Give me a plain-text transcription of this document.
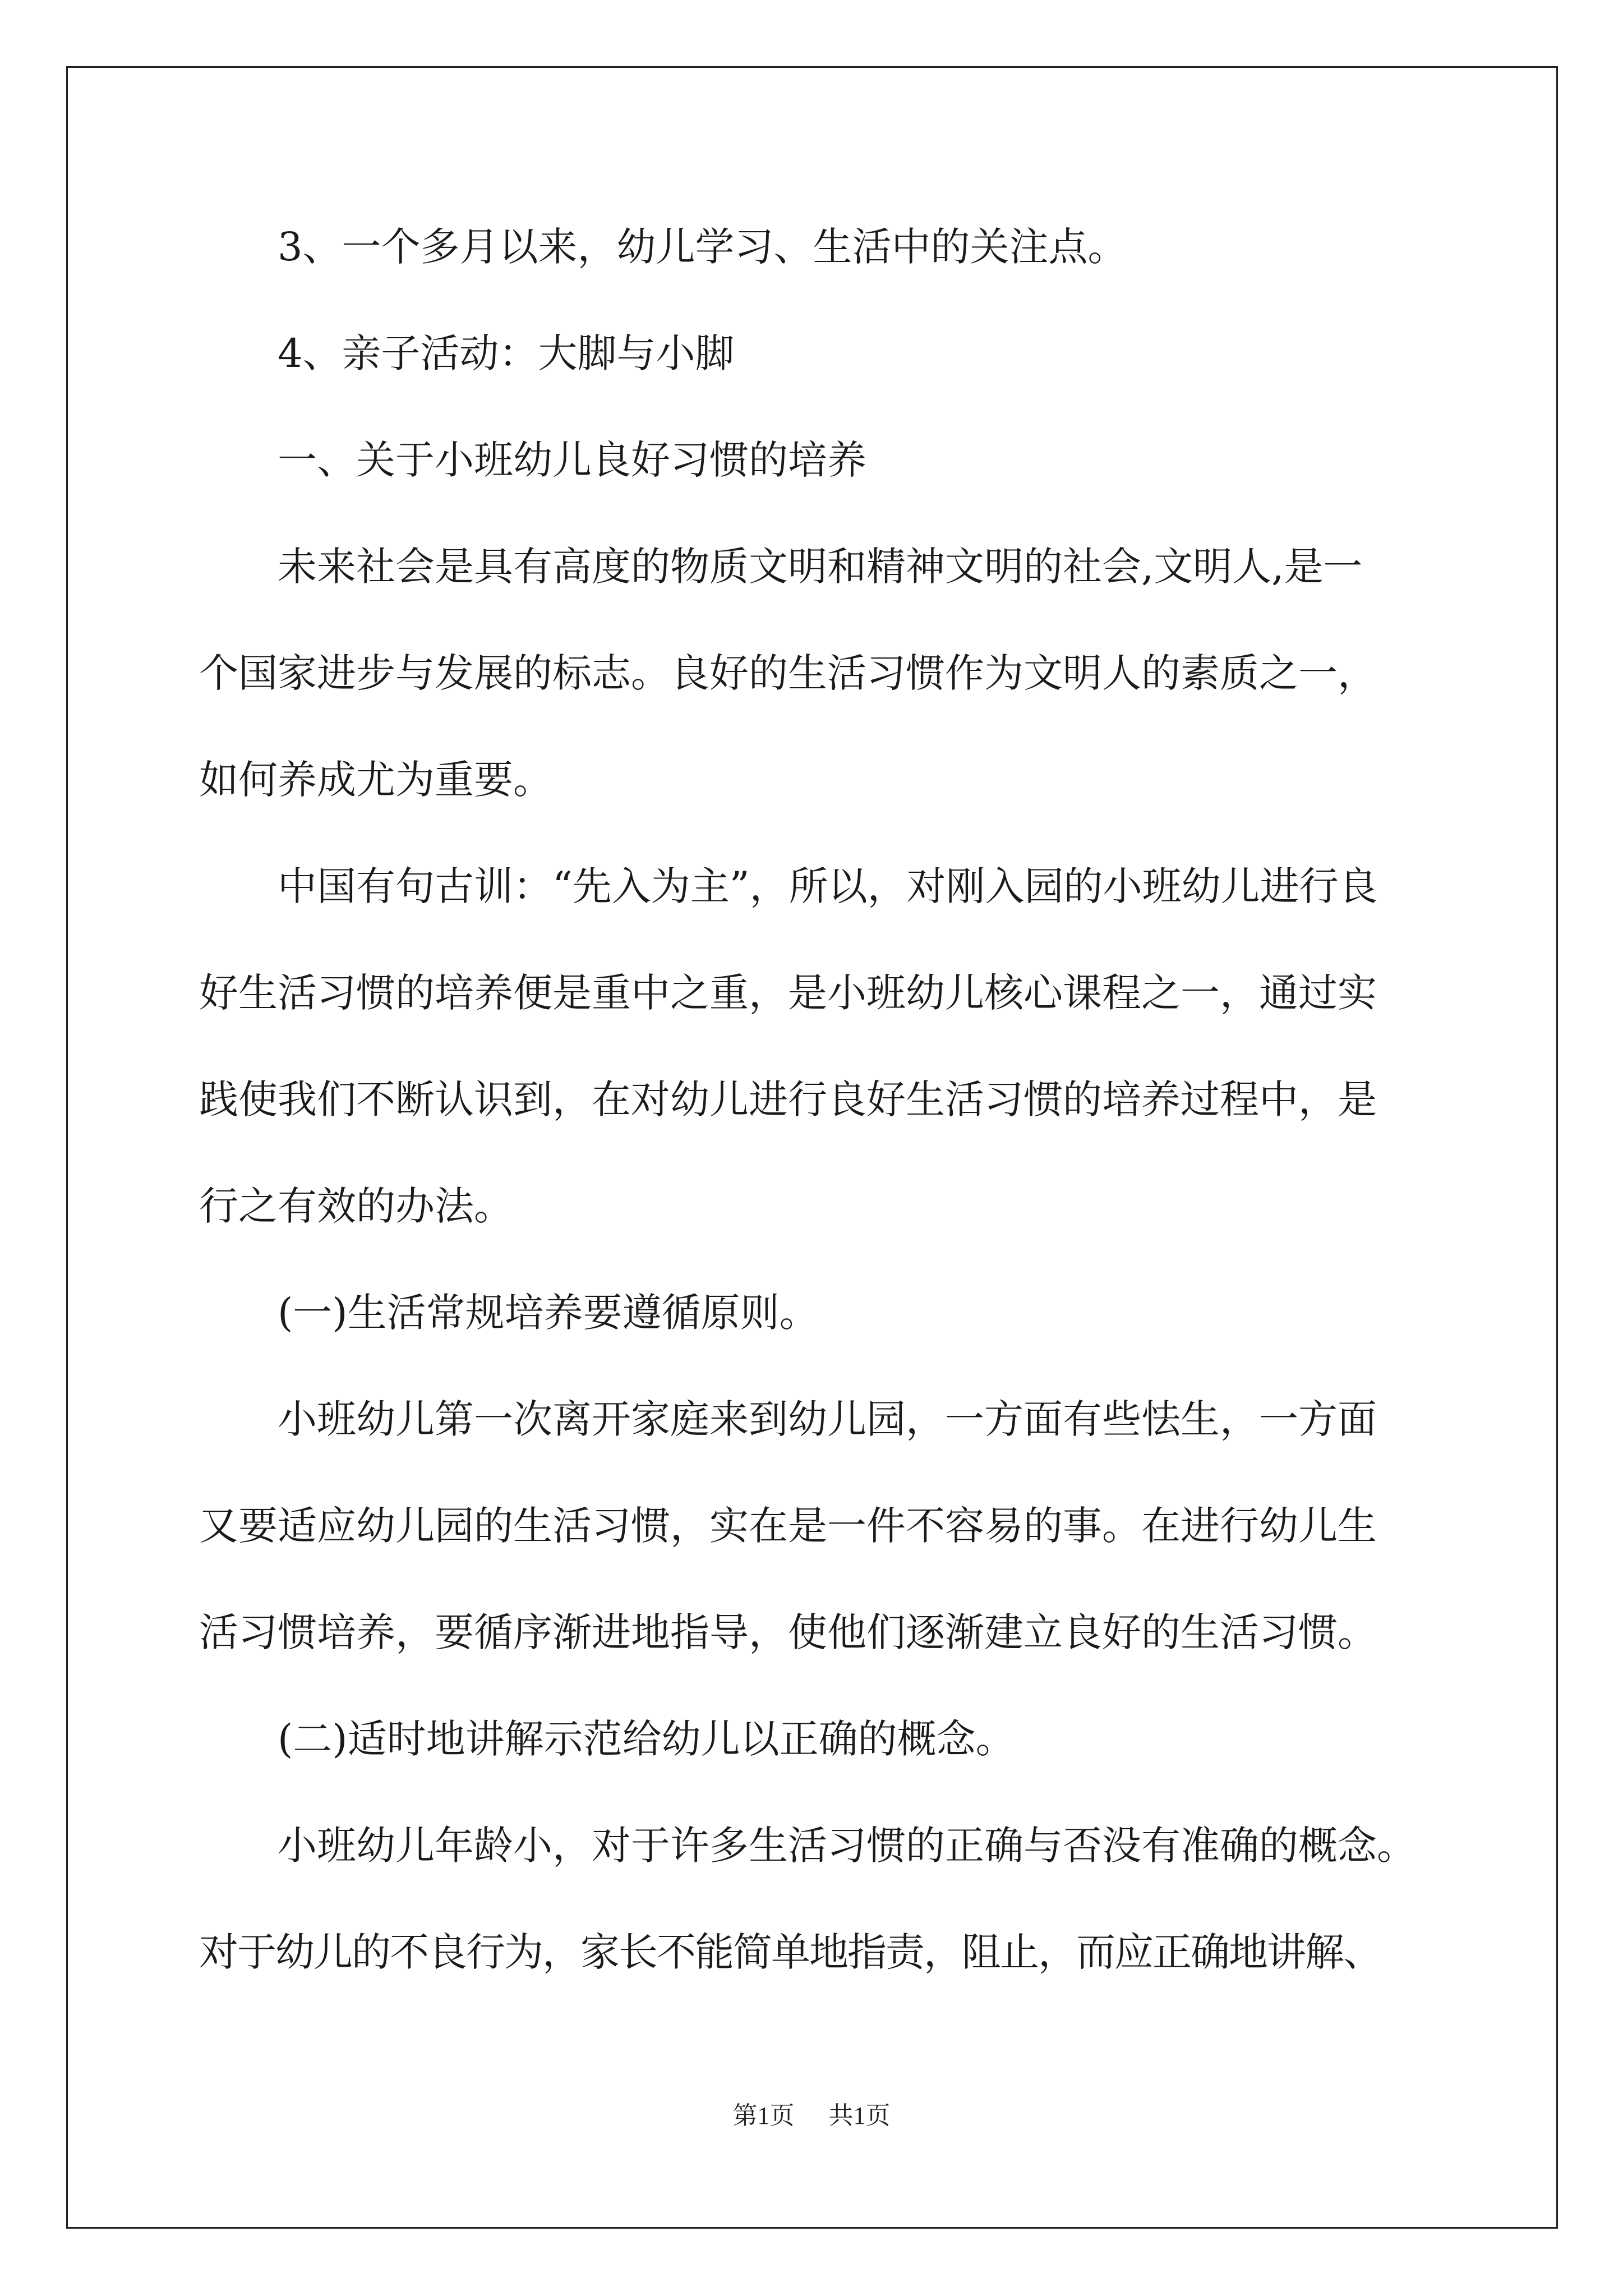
3、一个多月以来，幼儿学习、生活中的关注点。
4、亲子活动：大脚与小脚
一、关于小班幼儿良好习惯的培养
未来社会是具有高度的物质文明和精神文明的社会,文明人,是一
个国家进步与发展的标志。良好的生活习惯作为文明人的素质之一，
如何养成尤为重要。
中国有句古训：“先入为主”，所以，对刚入园的小班幼儿进行良
好生活习惯的培养便是重中之重，是小班幼儿核心课程之一，通过实
践使我们不断认识到，在对幼儿进行良好生活习惯的培养过程中，是
行之有效的办法。
(一)生活常规培养要遵循原则。
小班幼儿第一次离开家庭来到幼儿园，一方面有些怯生，一方面
又要适应幼儿园的生活习惯，实在是一件不容易的事。在进行幼儿生
活习惯培养，要循序渐进地指导，使他们逐渐建立良好的生活习惯。
(二)适时地讲解示范给幼儿以正确的概念。
小班幼儿年龄小，对于许多生活习惯的正确与否没有准确的概念。
对于幼儿的不良行为，家长不能简单地指责，阻止，而应正确地讲解、
第1页 共1页
